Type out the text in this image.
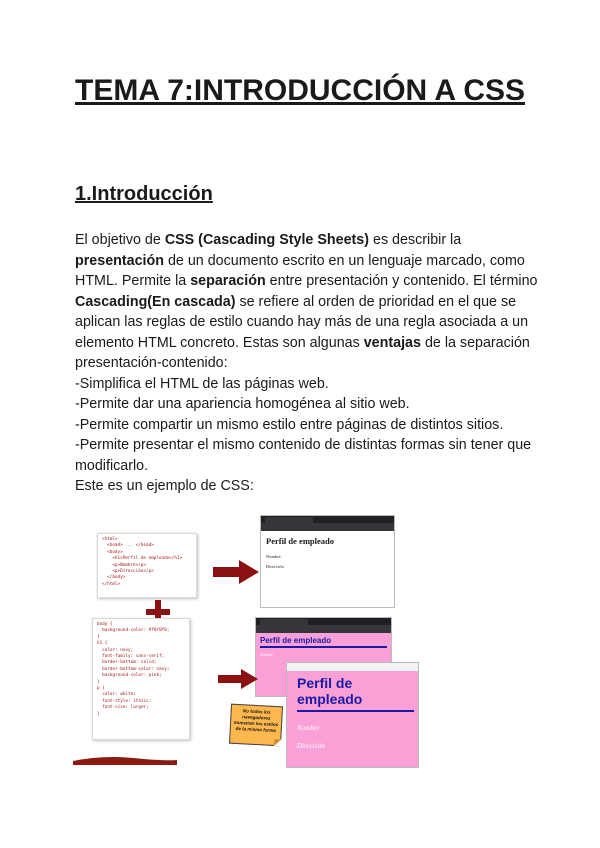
TEMA 7:INTRODUCCIÓN A CSS
1.Introducción

El objetivo de CSS (Cascading Style Sheets) es describir la presentación de un documento escrito en un lenguaje marcado, como HTML. Permite la separación entre presentación y contenido. El término Cascading(En cascada) se refiere al orden de prioridad en el que se aplican las reglas de estilo cuando hay más de una regla asociada a un elemento HTML concreto. Estas son algunas ventajas de la separación presentación-contenido:

-Simplifica el HTML de las páginas web.

-Permite dar una apariencia homogénea al sitio web.

-Permite compartir un mismo estilo entre páginas de distintos sitios.

-Permite presentar el mismo contenido de distintas formas sin tener que modificarlo.

Este es un ejemplo de CSS:

<html>
<head> ... </head>
<body>
<h1>Perfil de empleado</h1>
<p>Nombre</p>
<p>Dirección</p>
</body>
</html>
body {
background-color: #f0f0f0;
}
h1 {
color: navy;
font-family: sans-serif;
border-bottom: solid;
border-bottom-color: navy;
background-color: pink;
}
p {
color: white;
font-style: italic;
font-size: larger;
}
Perfil de empleado
Nombre
Dirección
Perfil de empleado
Nombre
Perfil de empleado
Nombre
Dirección
No todos los navegadores muestran los estilos de la misma forma
